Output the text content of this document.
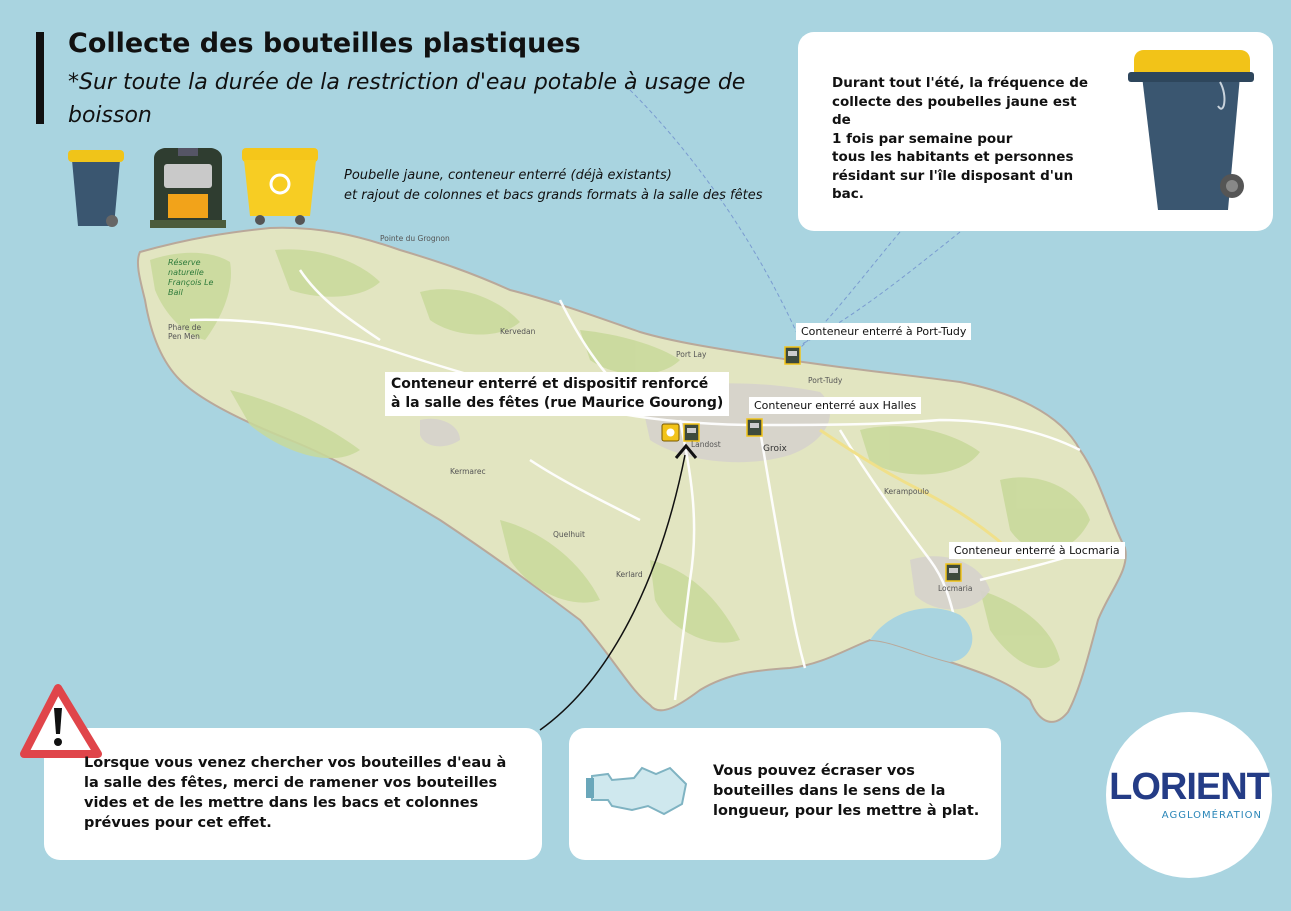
Réserve naturelle François Le Bail
Phare de Pen Men
Groix
Port Lay
Locmaria
Quelhuit
Kerlard
Landost
Kerampoulo
Port-Tudy
Pointe du Grognon
Kervedan
Kermarec
Collecte des bouteilles plastiques

*Sur toute la durée de la restriction d'eau potable à usage de boisson

Poubelle jaune, conteneur enterré (déjà existants)
et rajout de colonnes et bacs grands formats à la salle des fêtes
Durant tout l'été, la fréquence de
collecte des poubelles jaune est de
1 fois par semaine pour
tous les habitants et personnes
résidant sur l'île disposant d'un
bac.
Conteneur enterré et dispositif renforcé
à la salle des fêtes (rue Maurice Gourong)
Conteneur enterré à Port-Tudy
Conteneur enterré aux Halles
Conteneur enterré à Locmaria
Lorsque vous venez chercher vos bouteilles d'eau à la salle des fêtes, merci de ramener vos bouteilles vides et de les mettre dans les bacs et colonnes prévues pour cet effet.
Vous pouvez écraser vos bouteilles dans le sens de la longueur, pour les mettre à plat.
LORIENT
AGGLOMÉRATION
